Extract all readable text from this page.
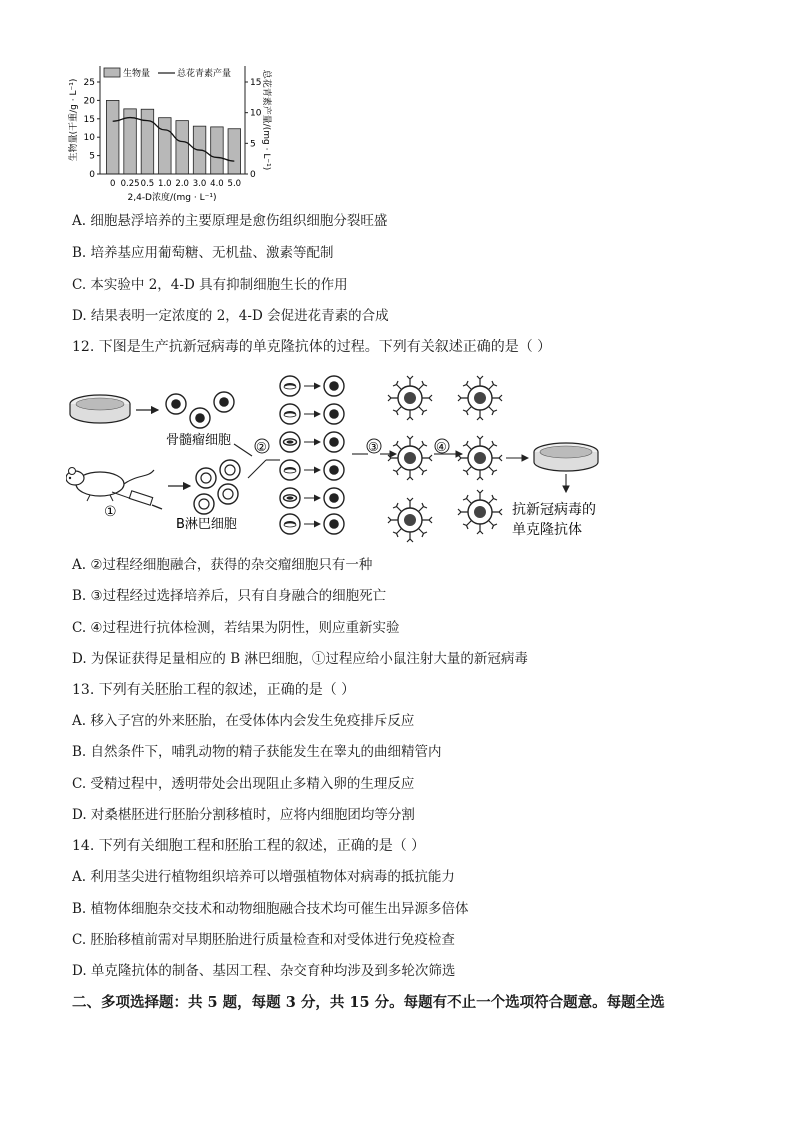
0
5
10
15
20
25
0
5
10
15
0 0.25 0.5 1.0 2.0 3.0 4.0 5.0
生物量	总花青素产量
生物量(干重/g · L⁻¹)	总花青素产量/(mg · L⁻¹)
2,4-D浓度/(mg · L⁻¹)
A. 细胞悬浮培养的主要原理是愈伤组织细胞分裂旺盛
B. 培养基应用葡萄糖、无机盐、激素等配制
C. 本实验中 2，4-D 具有抑制细胞生长的作用
D. 结果表明一定浓度的 2，4-D 会促进花青素的合成
12. 下图是生产抗新冠病毒的单克隆抗体的过程。下列有关叙述正确的是（ ）
骨髓瘤细胞
①
B淋巴细胞
②	③	④
抗新冠病毒的
单克隆抗体
A. ②过程经细胞融合，获得的杂交瘤细胞只有一种
B. ③过程经过选择培养后，只有自身融合的细胞死亡
C. ④过程进行抗体检测，若结果为阴性，则应重新实验
D. 为保证获得足量相应的 B 淋巴细胞，①过程应给小鼠注射大量的新冠病毒
13. 下列有关胚胎工程的叙述，正确的是（ ）
A. 移入子宫的外来胚胎，在受体体内会发生免疫排斥反应
B. 自然条件下，哺乳动物的精子获能发生在睾丸的曲细精管内
C. 受精过程中，透明带处会出现阻止多精入卵的生理反应
D. 对桑椹胚进行胚胎分割移植时，应将内细胞团均等分割
14. 下列有关细胞工程和胚胎工程的叙述，正确的是（ ）
A. 利用茎尖进行植物组织培养可以增强植物体对病毒的抵抗能力
B. 植物体细胞杂交技术和动物细胞融合技术均可催生出异源多倍体
C. 胚胎移植前需对早期胚胎进行质量检查和对受体进行免疫检查
D. 单克隆抗体的制备、基因工程、杂交育种均涉及到多轮次筛选
二、多项选择题：共 5 题，每题 3 分，共 15 分。每题有不止一个选项符合题意。每题全选
